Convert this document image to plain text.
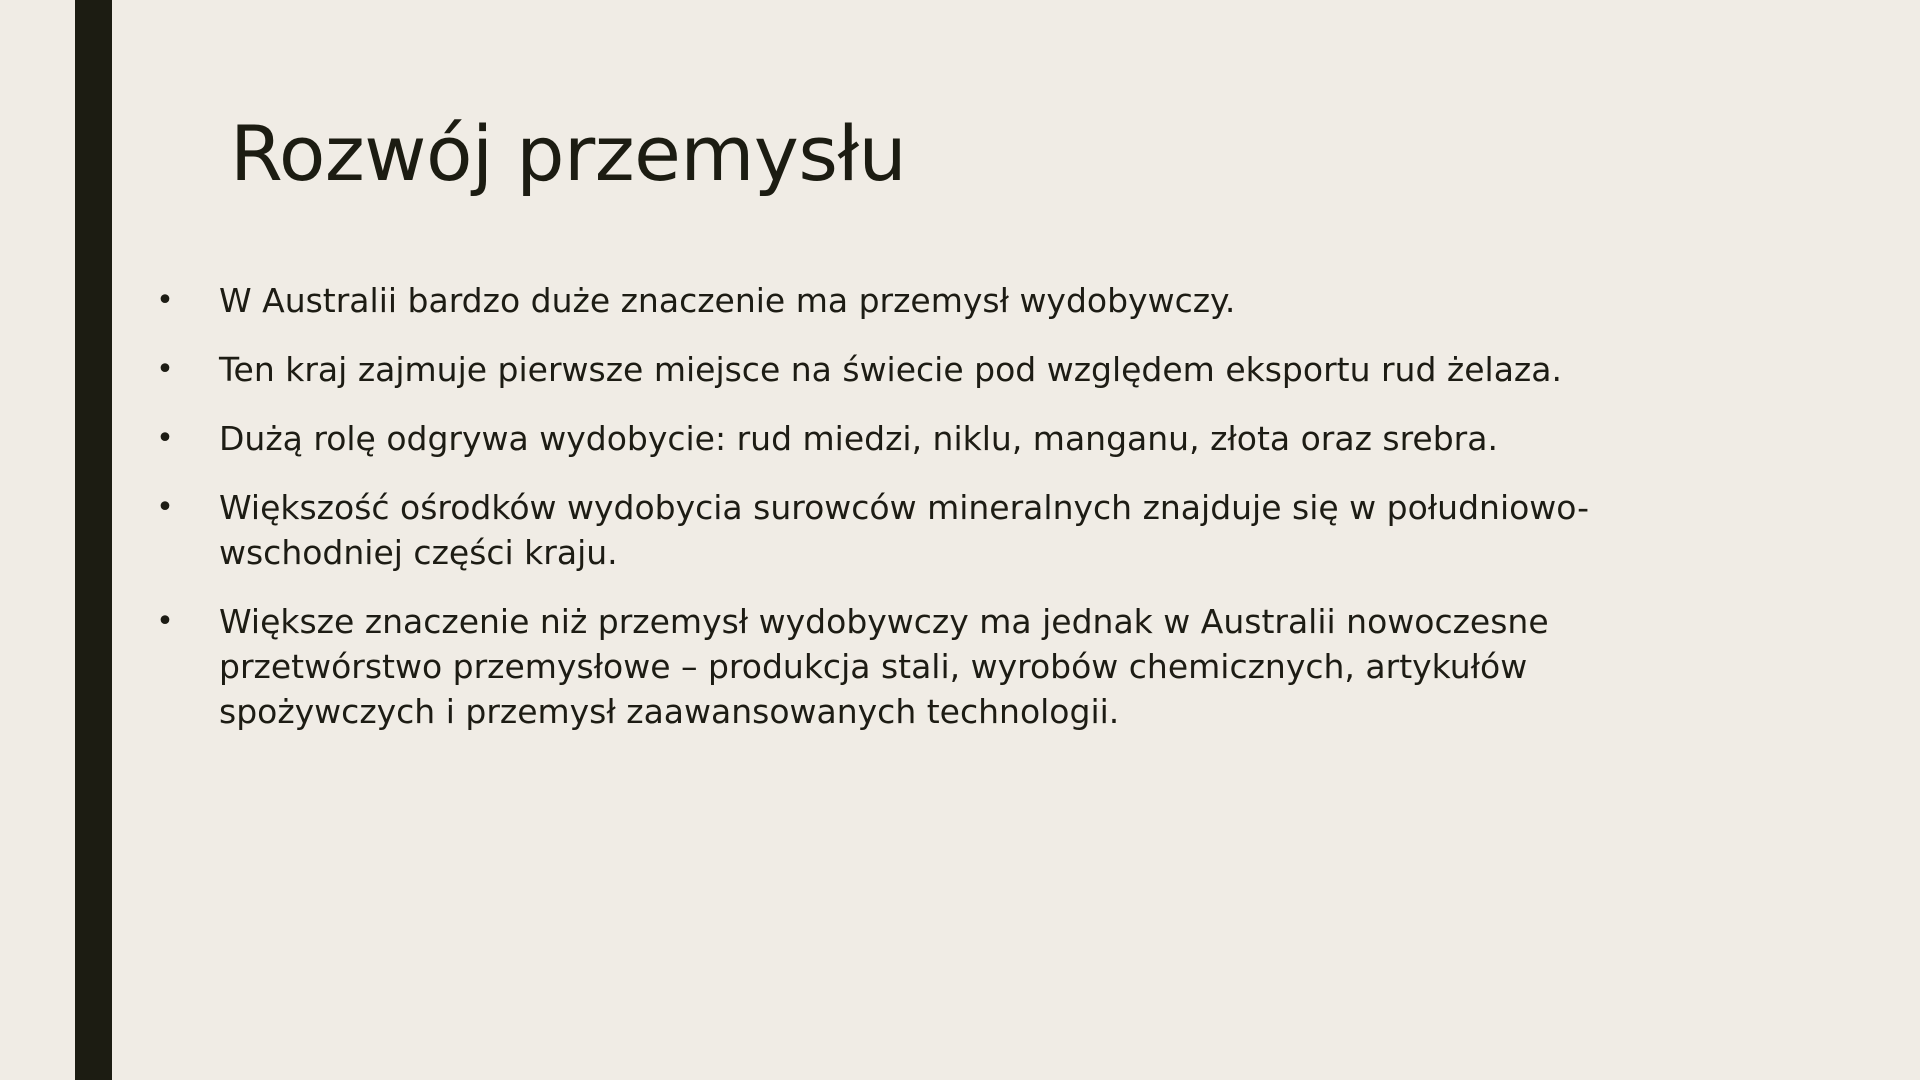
Rozwój przemysłu
• W Australii bardzo duże znaczenie ma przemysł wydobywczy.
• Ten kraj zajmuje pierwsze miejsce na świecie pod względem eksportu rud żelaza.
• Dużą rolę odgrywa wydobycie: rud miedzi, niklu, manganu, złota oraz srebra.
• Większość ośrodków wydobycia surowców mineralnych znajduje się w południowo-wschodniej części kraju.
• Większe znaczenie niż przemysł wydobywczy ma jednak w Australii nowoczesne przetwórstwo przemysłowe – produkcja stali, wyrobów chemicznych, artykułów spożywczych i przemysł zaawansowanych technologii.
